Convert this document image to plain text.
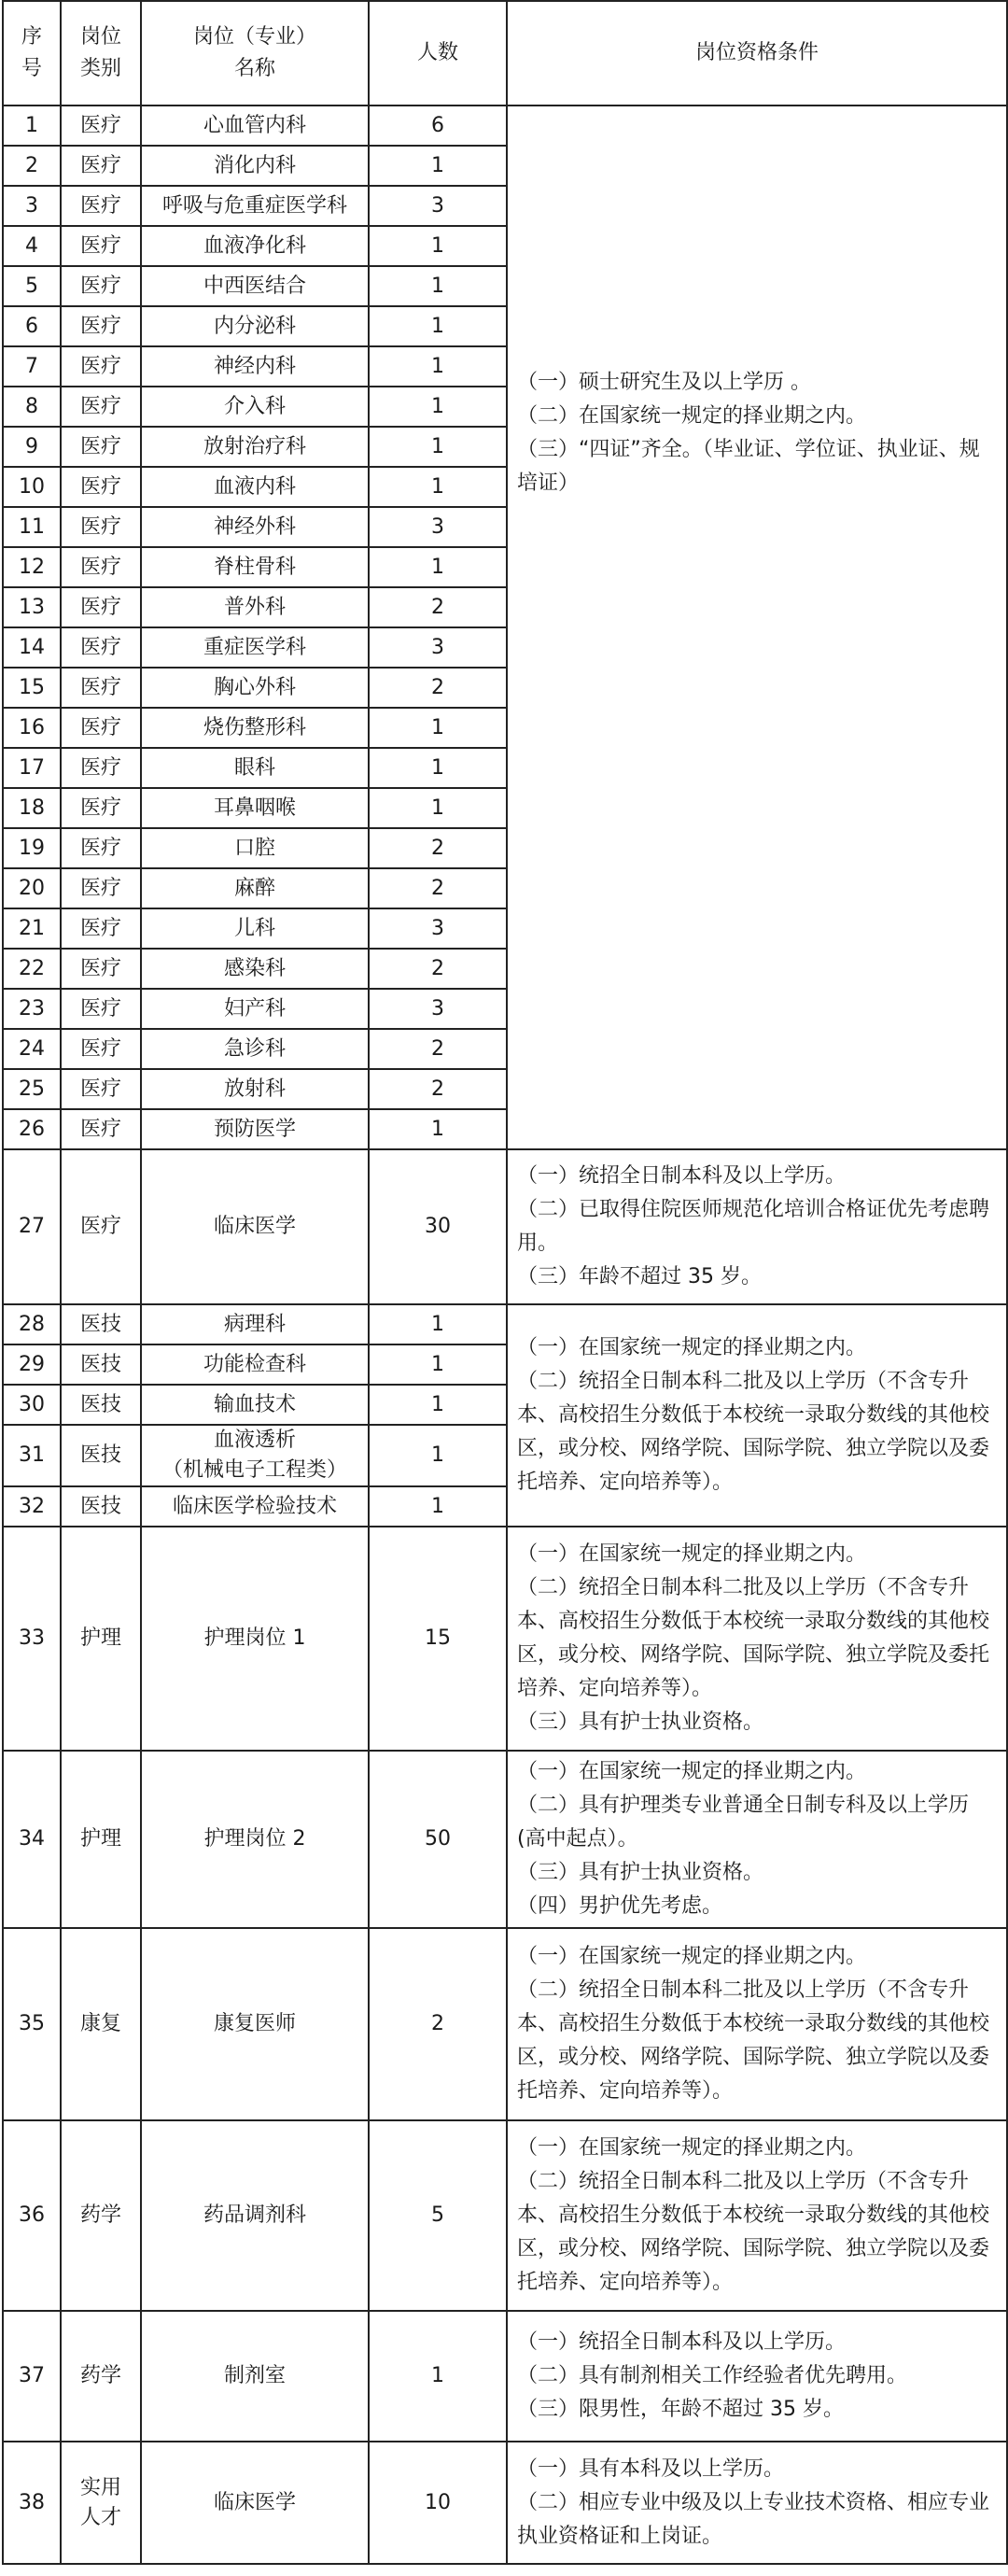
序
号	岗位
类别	岗位（专业）
名称	人数	岗位资格条件
1	医疗	心血管内科	6	（一）硕士研究生及以上学历 。
（二）在国家统一规定的择业期之内。
（三）“四证”齐全。（毕业证、学位证、执业证、规培证）

2	医疗	消化内科	1	
3	医疗	呼吸与危重症医学科	3	
4	医疗	血液净化科	1	
5	医疗	中西医结合	1	
6	医疗	内分泌科	1	
7	医疗	神经内科	1	
8	医疗	介入科	1	
9	医疗	放射治疗科	1	
10	医疗	血液内科	1	
11	医疗	神经外科	3	
12	医疗	脊柱骨科	1	
13	医疗	普外科	2	
14	医疗	重症医学科	3	
15	医疗	胸心外科	2	
16	医疗	烧伤整形科	1	
17	医疗	眼科	1	
18	医疗	耳鼻咽喉	1	
19	医疗	口腔	2	
20	医疗	麻醉	2	
21	医疗	儿科	3	
22	医疗	感染科	2	
23	医疗	妇产科	3	
24	医疗	急诊科	2	
25	医疗	放射科	2	
26	医疗	预防医学	1	
27	医疗	临床医学	30	（一）统招全日制本科及以上学历。
（二）已取得住院医师规范化培训合格证优先考虑聘用。
（三）年龄不超过 35 岁。

28	医技	病理科	1	（一）在国家统一规定的择业期之内。
（二）统招全日制本科二批及以上学历（不含专升本、高校招生分数低于本校统一录取分数线的其他校区，或分校、网络学院、国际学院、独立学院以及委托培养、定向培养等）。

29	医技	功能检查科	1	
30	医技	输血技术	1	
31	医技	血液透析
（机械电子工程类）	1	
32	医技	临床医学检验技术	1	
33	护理	护理岗位 1	15	（一）在国家统一规定的择业期之内。
（二）统招全日制本科二批及以上学历（不含专升本、高校招生分数低于本校统一录取分数线的其他校区，或分校、网络学院、国际学院、独立学院及委托培养、定向培养等）。
（三）具有护士执业资格。

34	护理	护理岗位 2	50	（一）在国家统一规定的择业期之内。
（二）具有护理类专业普通全日制专科及以上学历(高中起点）。
（三）具有护士执业资格。
（四）男护优先考虑。

35	康复	康复医师	2	（一）在国家统一规定的择业期之内。
（二）统招全日制本科二批及以上学历（不含专升本、高校招生分数低于本校统一录取分数线的其他校区，或分校、网络学院、国际学院、独立学院以及委托培养、定向培养等）。

36	药学	药品调剂科	5	（一）在国家统一规定的择业期之内。
（二）统招全日制本科二批及以上学历（不含专升本、高校招生分数低于本校统一录取分数线的其他校区，或分校、网络学院、国际学院、独立学院以及委托培养、定向培养等）。

37	药学	制剂室	1	（一）统招全日制本科及以上学历。
（二）具有制剂相关工作经验者优先聘用。
（三）限男性，年龄不超过 35 岁。

38	实用
人才	临床医学	10	（一）具有本科及以上学历。
（二）相应专业中级及以上专业技术资格、相应专业执业资格证和上岗证。
